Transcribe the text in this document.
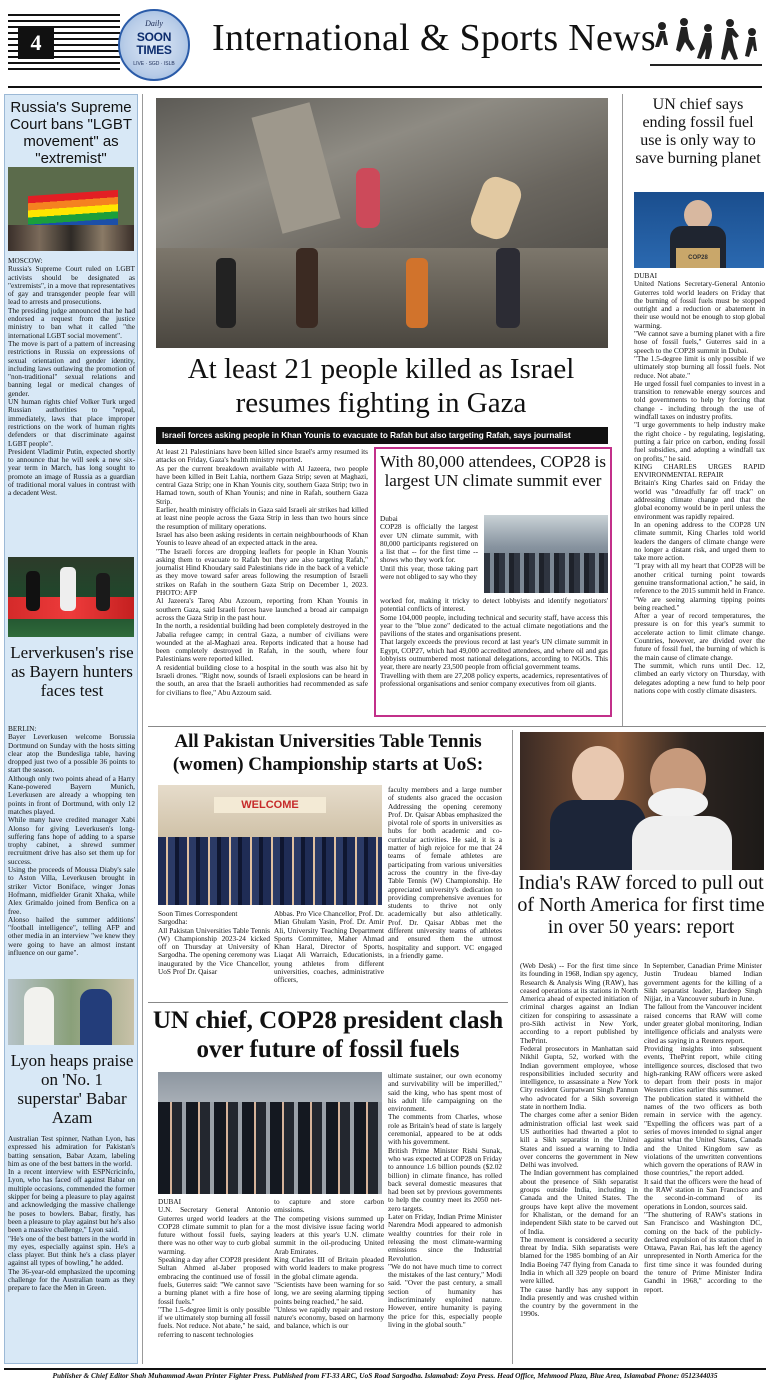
4
Daily
SOON TIMES
LIVE · SGD · ISLB
International & Sports News
Russia's Supreme Court bans "LGBT movement" as "extremist"
MOSCOW:
Russia's Supreme Court ruled on LGBT activists should be designated as "extremists", in a move that representatives of gay and transgender people fear will lead to arrests and prosecutions.
The presiding judge announced that he had endorsed a request from the justice ministry to ban what it called "the international LGBT social movement".
The move is part of a pattern of increasing restrictions in Russia on expressions of sexual orientation and gender identity, including laws outlawing the promotion of "non-traditional" sexual relations and banning legal or medical changes of gender.
UN human rights chief Volker Turk urged Russian authorities to "repeal, immediately, laws that place improper restrictions on the work of human rights defenders or that discriminate against LGBT people".
President Vladimir Putin, expected shortly to announce that he will seek a new six-year term in March, has long sought to promote an image of Russia as a guardian of traditional moral values in contrast with a decadent West.
Lerverkusen's rise as Bayern hunters faces test
BERLIN:
Bayer Leverkusen welcome Borussia Dortmund on Sunday with the hosts sitting clear atop the Bundesliga table, having dropped just two of a possible 36 points to start the season.
Although only two points ahead of a Harry Kane-powered Bayern Munich, Leverkusen are already a whopping ten points in front of Dortmund, with only 12 matches played.
While many have credited manager Xabi Alonso for giving Leverkusen's long-suffering fans hope of adding to a sparse trophy cabinet, a shrewd summer recruitment drive has also set them up for success.
Using the proceeds of Moussa Diaby's sale to Aston Villa, Leverkusen brought in striker Victor Boniface, winger Jonas Hofmann, midfielder Granit Xhaka, while Alex Grimaldo joined from Benfica on a free.
Alonso hailed the summer additions' "football intelligence", telling AFP and other media in an interview "we knew they were going to have an almost instant influence on our game".
Lyon heaps praise on 'No. 1 superstar' Babar Azam
Australian Test spinner, Nathan Lyon, has expressed his admiration for Pakistan's batting sensation, Babar Azam, labeling him as one of the best batters in the world.
In a recent interview with ESPNcricinfo, Lyon, who has faced off against Babar on multiple occasions, commended the former skipper for being a pleasure to play against and acknowledging the massive challenge he poses to bowlers. Babar, firstly, has been a pleasure to play against but he's also been a massive challenge," Lyon said.
"He's one of the best batters in the world in my eyes, especially against spin. He's a class player. But think he's a class player against all types of bowling," he added.
The 36-year-old emphasized the upcoming challenge for the Australian team as they prepare to face the Men in Green.
At least 21 people killed as Israel resumes fighting in Gaza
Israeli forces asking people in Khan Younis to evacuate to Rafah but also targeting Rafah, says journalist
At least 21 Palestinians have been killed since Israel's army resumed its attacks on Friday, Gaza's health ministry reported.
As per the current breakdown available with Al Jazeera, two people have been killed in Beit Lahia, northern Gaza Strip; seven at Maghazi, central Gaza Strip; one in Khan Younis city, southern Gaza Strip; two in Hamad town, south of Khan Younis; and nine in Rafah, southern Gaza Strip.
Earlier, health ministry officials in Gaza said Israeli air strikes had killed at least nine people across the Gaza Strip in less than two hours since the resumption of military operations.
Israel has also been asking residents in certain neighbourhoods of Khan Younis to leave ahead of an expected attack in the area.
"The Israeli forces are dropping leaflets for people in Khan Younis asking them to evacuate to Rafah but they are also targeting Rafah," journalist Hind Khoudary said Palestinians ride in the back of a vehicle as they move toward safer areas following the resumption of Israeli strikes on Rafah in the southern Gaza Strip on December 1, 2023. PHOTO: AFP
Al Jazeera's Tareq Abu Azzoum, reporting from Khan Younis in southern Gaza, said Israeli forces have launched a broad air campaign across the Gaza Strip in the past hour.
In the north, a residential building had been completely destroyed in the Jabalia refugee camp; in central Gaza, a number of civilians were wounded at the al-Maghazi area. Reports indicated that a house had been completely destroyed in Rafah, in the south, where four Palestinians were reported killed.
A residential building close to a hospital in the south was also hit by Israeli drones. "Right now, sounds of Israeli explosions can be heard in the south, an area that the Israeli authorities had recommended as safe for civilians to flee," Abu Azzoum said.
With 80,000 attendees, COP28 is largest UN climate summit ever
Dubai
COP28 is officially the largest ever UN climate summit, with 80,000 participants registered on a list that -- for the first time -- shows who they work for.
Until this year, those taking part were not obliged to say who they
worked for, making it tricky to detect lobbyists and identify negotiators' potential conflicts of interest.
Some 104,000 people, including technical and security staff, have access this year to the "blue zone" dedicated to the actual climate negotiations and the pavilions of the states and organisations present.
That largely exceeds the previous record at last year's UN climate summit in Egypt, COP27, which had 49,000 accredited attendees, and where oil and gas lobbyists outnumbered most national delegations, according to NGOs. This year, there are nearly 23,500 people from official government teams.
Travelling with them are 27,208 policy experts, academics, representatives of professional organisations and senior company executives from oil giants.
UN chief says ending fossil fuel use is only way to save burning planet
COP28
DUBAI
United Nations Secretary-General Antonio Guterres told world leaders on Friday that the burning of fossil fuels must be stopped outright and a reduction or abatement in their use would not be enough to stop global warming.
"We cannot save a burning planet with a fire hose of fossil fuels," Guterres said in a speech to the COP28 summit in Dubai.
"The 1.5-degree limit is only possible if we ultimately stop burning all fossil fuels. Not reduce. Not abate."
He urged fossil fuel companies to invest in a transition to renewable energy sources and told governments to help by forcing that change - including through the use of windfall taxes on industry profits.
"I urge governments to help industry make the right choice - by regulating, legislating, putting a fair price on carbon, ending fossil fuel subsidies, and adopting a windfall tax on profits," he said.
KING CHARLES URGES RAPID ENVIRONMENTAL REPAIR
Britain's King Charles said on Friday the world was "dreadfully far off track" on addressing climate change and that the global economy would be in peril unless the environment was rapidly repaired.
In an opening address to the COP28 UN climate summit, King Charles told world leaders the dangers of climate change were no longer a distant risk, and urged them to take more action.
"I pray with all my heart that COP28 will be another critical turning point towards genuine transformational action," he said, in reference to the 2015 summit held in France. "We are seeing alarming tipping points being reached."
After a year of record temperatures, the pressure is on for this year's summit to accelerate action to limit climate change. Countries, however, are divided over the future of fossil fuel, the burning of which is the main cause of climate change.
The summit, which runs until Dec. 12, climbed an early victory on Thursday, with delegates adopting a new fund to help poor nations cope with costly climate disasters.
All Pakistan Universities Table Tennis (women) Championship starts at UoS:
WELCOME
Soon Times Correspondent
Sargodha:
All Pakistan Universities Table Tennis (W) Championship 2023-24 kicked off on Thursday at University of Sargodha. The opening ceremony was inaugurated by the Vice Chancellor, UoS Prof Dr. Qaisar
Abbas. Pro Vice Chancellor, Prof. Dr. Mian Ghulam Yasin, Prof. Dr. Amir Ali, University Teaching Department Sports Committee, Maher Ahmad Khan Haral, Director of Sports, Liaqat Ali Warraich, Educationists, young athletes from different universities, coaches, administrative officers,
faculty members and a large number of students also graced the occasion Addressing the opening ceremony Prof. Dr. Qaisar Abbas emphasized the pivotal role of sports in universities as hubs for both academic and co-curricular activities. He said, it is a matter of high rejoice for me that 24 teams of female athletes are participating from various universities across the country in the five-day Table Tennis (W) Championship. He appreciated university's dedication to providing comprehensive avenues for students to thrive not only academically but also athletically. Prof. Dr. Qaisar Abbas met the different university teams of athletes and ensured them the utmost hospitality and support. VC engaged in a friendly game.
UN chief, COP28 president clash over future of fossil fuels
DUBAI
U.N. Secretary General Antonio Guterres urged world leaders at the COP28 climate summit to plan for a future without fossil fuels, saying there was no other way to curb global warming.
Speaking a day after COP28 president Sultan Ahmed al-Jaber proposed embracing the continued use of fossil fuels, Guterres said: "We cannot save a burning planet with a fire hose of fossil fuels."
"The 1.5-degree limit is only possible if we ultimately stop burning all fossil fuels. Not reduce. Not abate," he said, referring to nascent technologies
to capture and store carbon emissions.
The competing visions summed up the most divisive issue facing world leaders at this year's U.N. climate summit in the oil-producing United Arab Emirates.
King Charles III of Britain pleaded with world leaders to make progress in the global climate agenda.
"Scientists have been warning for so long, we are seeing alarming tipping points being reached," he said.
"Unless we rapidly repair and restore nature's economy, based on harmony and balance, which is our
ultimate sustainer, our own economy and survivability will be imperilled," said the king, who has spent most of his adult life campaigning on the environment.
The comments from Charles, whose role as Britain's head of state is largely ceremonial, appeared to be at odds with his government.
British Prime Minister Rishi Sunak, who was expected at COP28 on Friday to announce 1.6 billion pounds ($2.02 billion) in climate finance, has rolled back several domestic measures that had been set by previous governments to help the country meet its 2050 net-zero targets.
Later on Friday, Indian Prime Minister Narendra Modi appeared to admonish wealthy countries for their role in releasing the most climate-warming emissions since the Industrial Revolution.
"We do not have much time to correct the mistakes of the last century," Modi said. "Over the past century, a small section of humanity has indiscriminately exploited nature. However, entire humanity is paying the price for this, especially people living in the global south."
India's RAW forced to pull out of North America for first time in over 50 years: report
(Web Desk) -- For the first time since its founding in 1968, Indian spy agency, Research & Analysis Wing (RAW), has ceased operations at its stations in North America ahead of expected initiation of criminal charges against an Indian citizen for conspiring to assassinate a pro-Sikh activist in New York, according to a report published by ThePrint.
Federal prosecutors in Manhattan said Nikhil Gupta, 52, worked with the Indian government employee, whose responsibilities included security and intelligence, to assassinate a New York City resident Gurpatwant Singh Pannun who advocated for a Sikh sovereign state in northern India.
The charges come after a senior Biden administration official last week said US authorities had thwarted a plot to kill a Sikh separatist in the United States and issued a warning to India over concerns the government in New Delhi was involved.
The Indian government has complained about the presence of Sikh separatist groups outside India, including in Canada and the United States. The groups have kept alive the movement for Khalistan, or the demand for an independent Sikh state to be carved out of India.
The movement is considered a security threat by India. Sikh separatists were blamed for the 1985 bombing of an Air India Boeing 747 flying from Canada to India in which all 329 people on board were killed.
The cause hardly has any support in India presently and was crushed within the country by the government in the 1990s.
In September, Canadian Prime Minister Justin Trudeau blamed Indian government agents for the killing of a Sikh separatist leader, Hardeep Singh Nijjar, in a Vancouver suburb in June.
The fallout from the Vancouver incident raised concerns that RAW will come under greater global monitoring, Indian intelligence officials and analysts were cited as saying in a Reuters report.
Providing insights into subsequent events, ThePrint report, while citing intelligence sources, disclosed that two high-ranking RAW officers were asked to depart from their posts in major Western cities earlier this summer.
The publication stated it withheld the names of the two officers as both remain in service with the agency. "Expelling the officers was part of a series of moves intended to signal anger against what the United States, Canada and the United Kingdom saw as violations of the unwritten conventions which govern the operations of RAW in those countries," the report added.
It said that the officers were the head of the RAW station in San Francisco and the second-in-command of its operations in London, sources said.
"The shuttering of RAW's stations in San Francisco and Washington DC, coming on the back of the publicly-declared expulsion of its station chief in Ottawa, Pavan Rai, has left the agency unrepresented in North America for the first time since it was founded during the tenure of Prime Minister Indira Gandhi in 1968," according to the report.
Publisher & Chief Editor Shah Muhammad Awan Printer Fighter Press. Published from FT-33 ARC, UoS Road Sargodha. Islamabad: Zoya Press. Head Office, Mehmood Plaza, Blue Area, Islamabad Phone: 0512344035
